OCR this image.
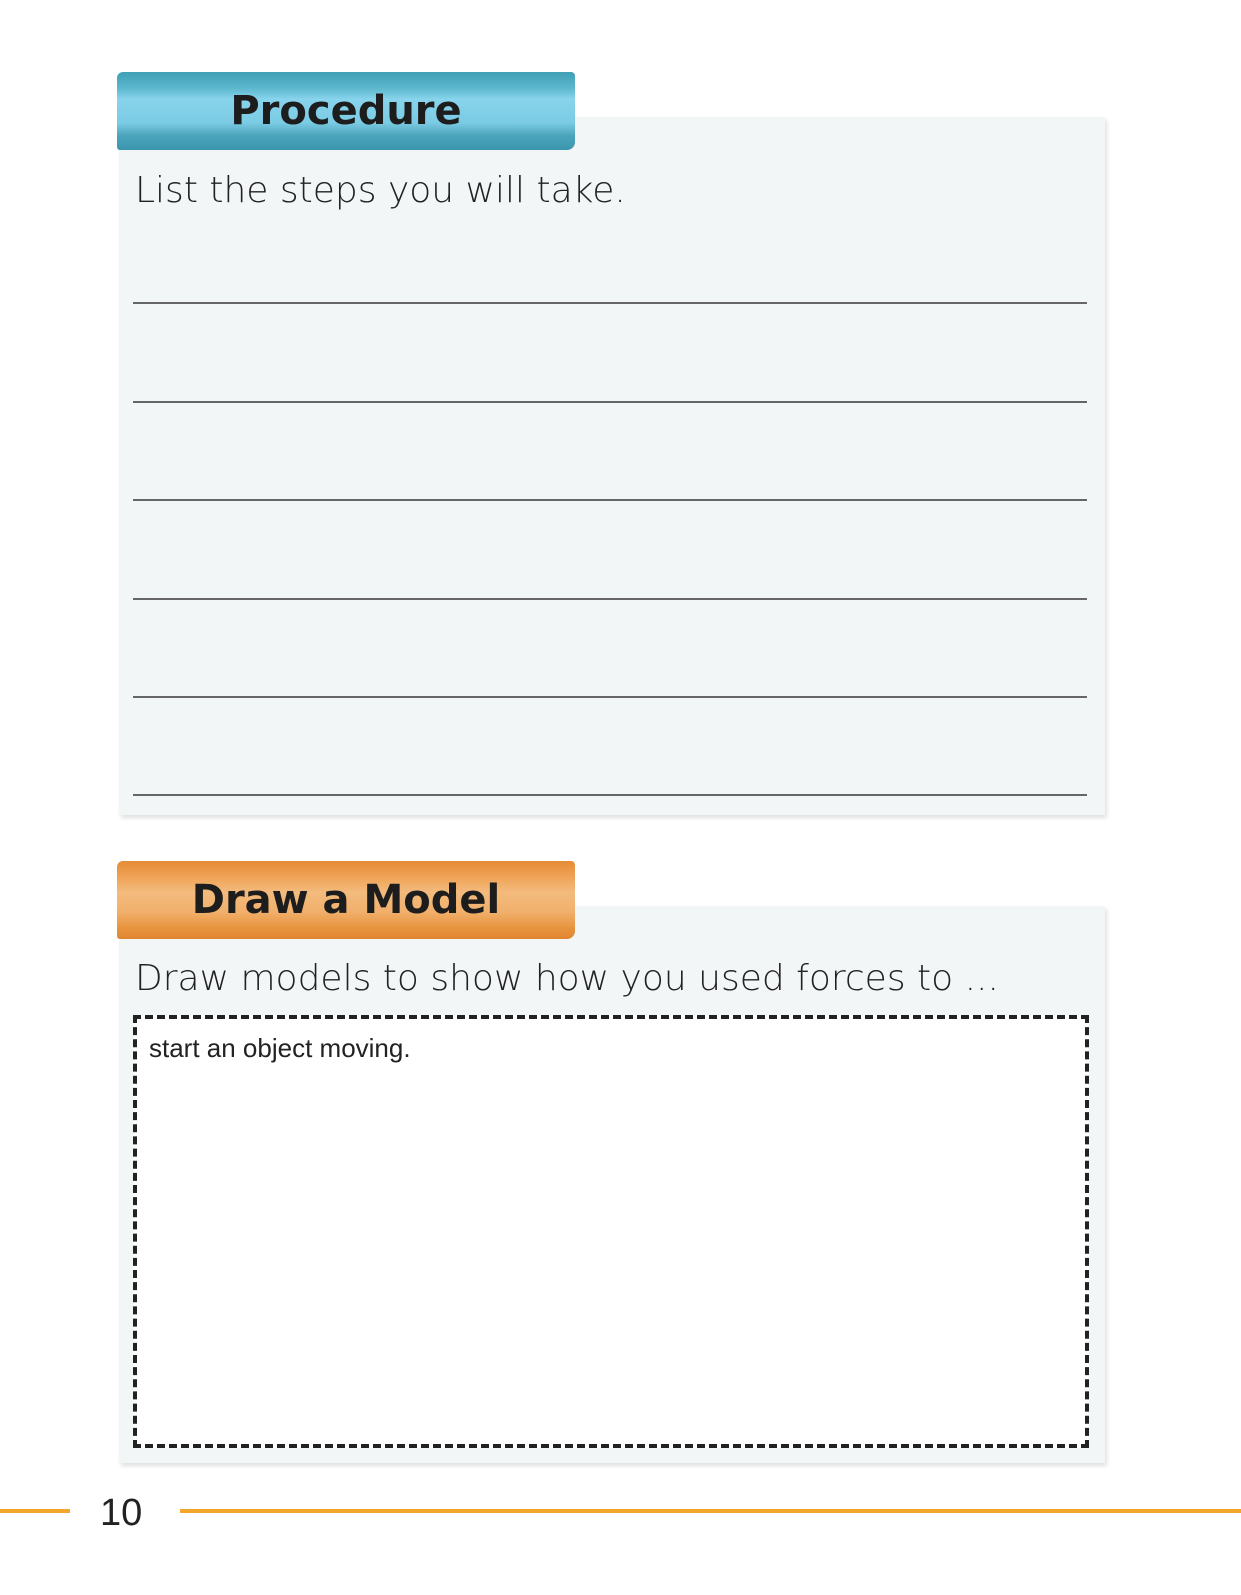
Procedure
List the steps you will take.
Draw a Model
Draw models to show how you used forces to ...
start an object moving.
10
